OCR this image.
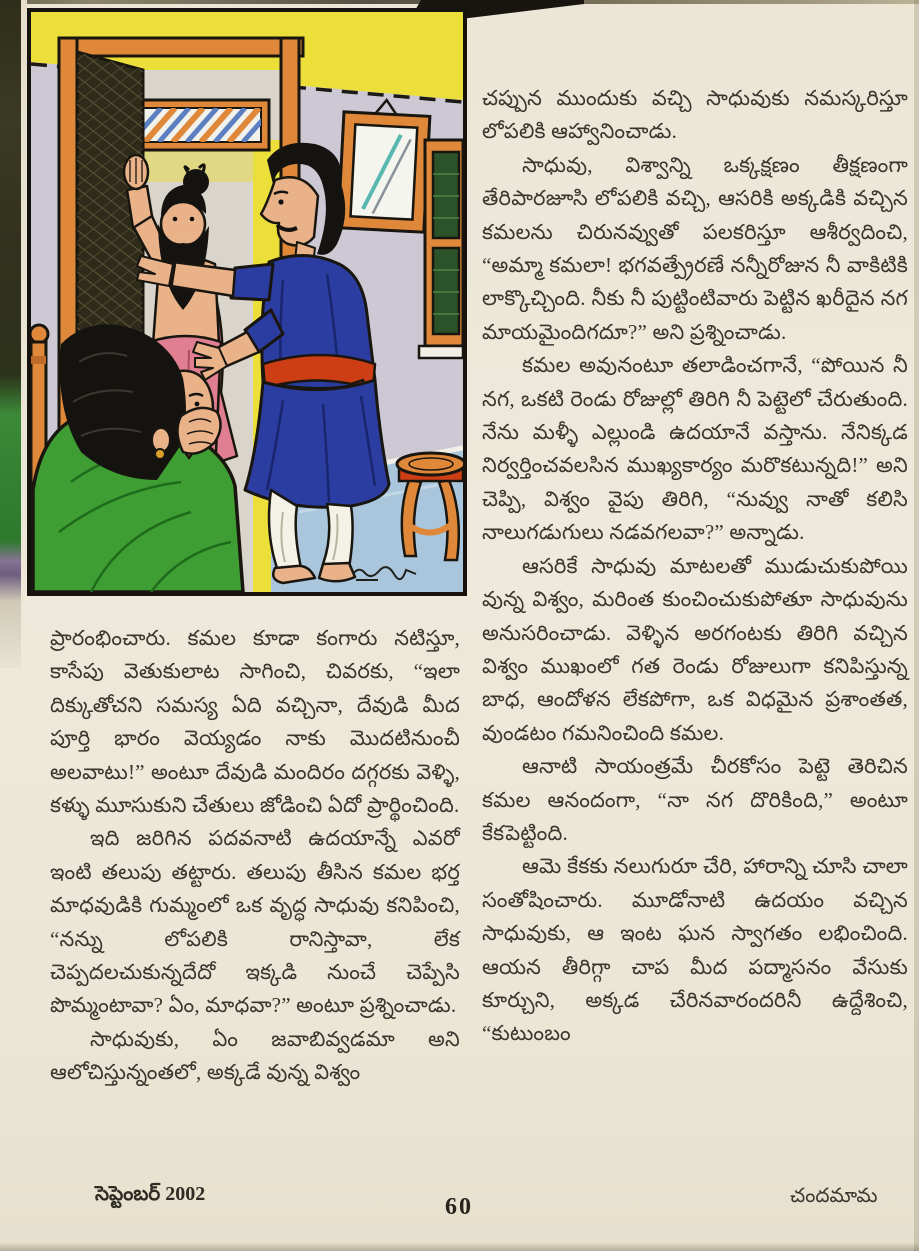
ప్రారంభించారు. కమల కూడా కంగారు నటిస్తూ, కాసేపు వెతుకులాట సాగించి, చివరకు, “ఇలా దిక్కుతోచని సమస్య ఏది వచ్చినా, దేవుడి మీద పూర్తి భారం వెయ్యడం నాకు మొదటినుంచీ అలవాటు!” అంటూ దేవుడి మందిరం దగ్గరకు వెళ్ళి, కళ్ళు మూసుకుని చేతులు జోడించి ఏదో ప్రార్థించింది.

ఇది జరిగిన పదవనాటి ఉదయాన్నే ఎవరో ఇంటి తలుపు తట్టారు. తలుపు తీసిన కమల భర్త మాధవుడికి గుమ్మంలో ఒక వృద్ధ సాధువు కనిపించి, “నన్ను లోపలికి రానిస్తావా, లేక చెప్పదలచుకున్నదేదో ఇక్కడి నుంచే చెప్పేసి పొమ్మంటావా? ఏం, మాధవా?” అంటూ ప్రశ్నించాడు.

సాధువుకు, ఏం జవాబివ్వడమా అని ఆలోచిస్తున్నంతలో, అక్కడే వున్న విశ్వం

చప్పున ముందుకు వచ్చి సాధువుకు నమస్కరిస్తూ లోపలికి ఆహ్వానించాడు.

సాధువు, విశ్వాన్ని ఒక్కక్షణం తీక్షణంగా తేరిపారజూసి లోపలికి వచ్చి, ఆసరికి అక్కడికి వచ్చిన కమలను చిరునవ్వుతో పలకరిస్తూ ఆశీర్వదించి, “అమ్మా కమలా! భగవత్ప్రేరణే నన్నీరోజున నీ వాకిటికి లాక్కొచ్చింది. నీకు నీ పుట్టింటివారు పెట్టిన ఖరీదైన నగ మాయమైందిగదూ?” అని ప్రశ్నించాడు.

కమల అవునంటూ తలాడించగానే, “పోయిన నీ నగ, ఒకటి రెండు రోజుల్లో తిరిగి నీ పెట్టెలో చేరుతుంది. నేను మళ్ళీ ఎల్లుండి ఉదయానే వస్తాను. నేనిక్కడ నిర్వర్తించవలసిన ముఖ్యకార్యం మరొకటున్నది!” అని చెప్పి, విశ్వం వైపు తిరిగి, “నువ్వు నాతో కలిసి నాలుగడుగులు నడవగలవా?” అన్నాడు.

ఆసరికే సాధువు మాటలతో ముడుచుకుపోయి వున్న విశ్వం, మరింత కుంచించుకుపోతూ సాధువును అనుసరించాడు. వెళ్ళిన అరగంటకు తిరిగి వచ్చిన విశ్వం ముఖంలో గత రెండు రోజులుగా కనిపిస్తున్న బాధ, ఆందోళన లేకపోగా, ఒక విధమైన ప్రశాంతత, వుండటం గమనించింది కమల.

ఆనాటి సాయంత్రమే చీరకోసం పెట్టె తెరిచిన కమల ఆనందంగా, “నా నగ దొరికింది,” అంటూ కేకపెట్టింది.

ఆమె కేకకు నలుగురూ చేరి, హారాన్ని చూసి చాలా సంతోషించారు. మూడోనాటి ఉదయం వచ్చిన సాధువుకు, ఆ ఇంట ఘన స్వాగతం లభించింది. ఆయన తీరిగ్గా చాప మీద పద్మాసనం వేసుకు కూర్చుని, అక్కడ చేరినవారందరినీ ఉద్దేశించి, “కుటుంబం

సెప్టెంబర్ 2002	60	చందమామ
